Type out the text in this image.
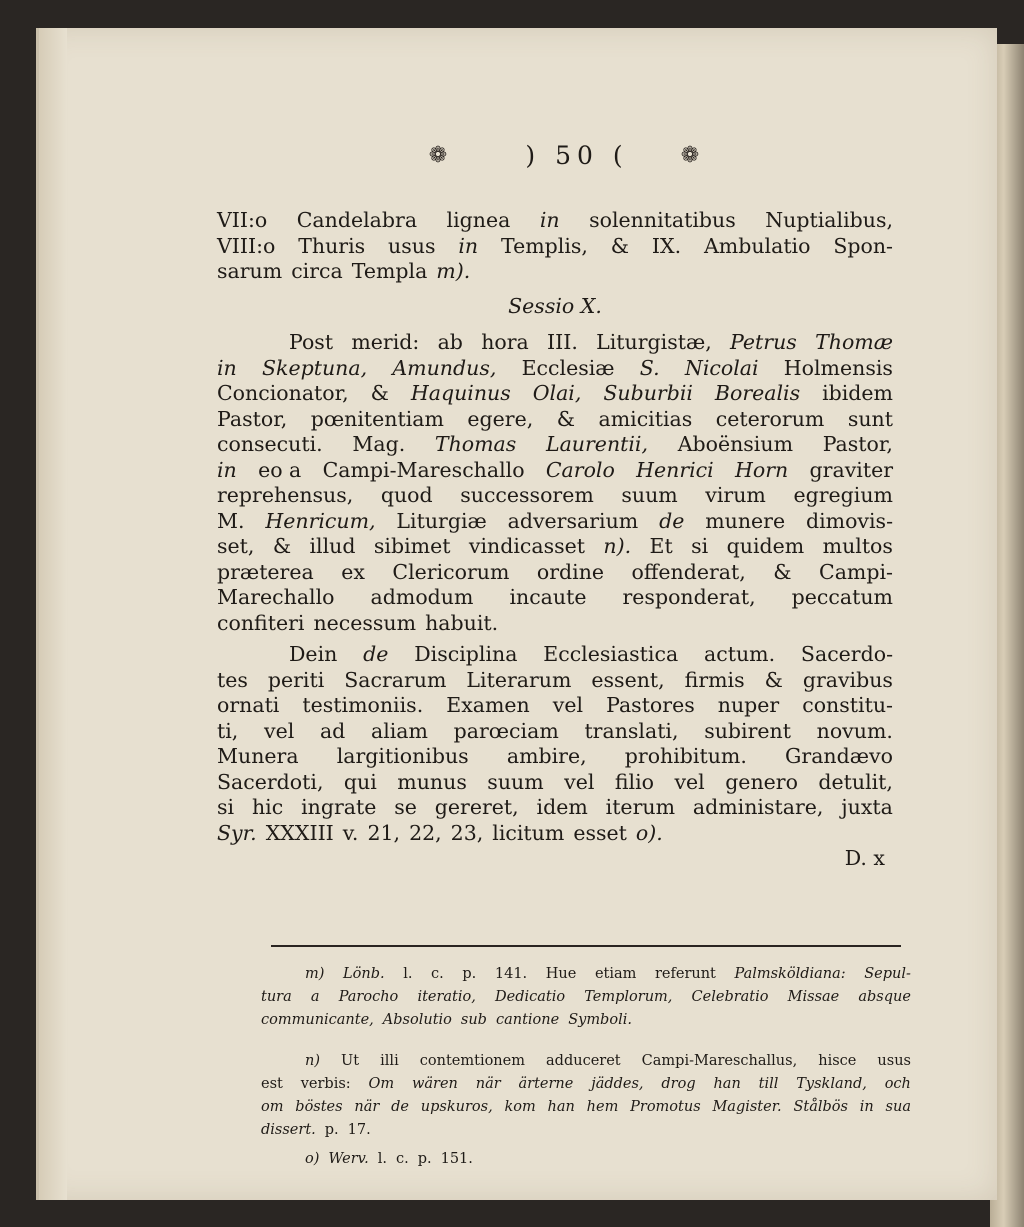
❁	) 50 (	❁
VII:o Candelabra lignea in solennitatibus Nuptialibus,
VIII:o Thuris usus in Templis, & IX. Ambulatio Spon-
sarum circa Templa m).
Sessio X.
Post merid: ab hora III. Liturgistæ, Petrus Thomæ
in Skeptuna, Amundus, Ecclesiæ S. Nicolai Holmensis
Concionator, & Haquinus Olai, Suburbii Borealis ibidem
Pastor, pœnitentiam egere, & amicitias ceterorum sunt
consecuti. Mag. Thomas Laurentii, Aboënsium Pastor,
in eo a Campi-Mareschallo Carolo Henrici Horn graviter
reprehensus, quod successorem suum virum egregium
M. Henricum, Liturgiæ adversarium de munere dimovis-
set, & illud sibimet vindicasset n). Et si quidem multos
præterea ex Clericorum ordine offenderat, & Campi-
Marechallo admodum incaute responderat, peccatum
confiteri necessum habuit.
Dein de Disciplina Ecclesiastica actum. Sacerdo-
tes periti Sacrarum Literarum essent, firmis & gravibus
ornati testimoniis. Examen vel Pastores nuper constitu-
ti, vel ad aliam parœciam translati, subirent novum.
Munera largitionibus ambire, prohibitum. Grandævo
Sacerdoti, qui munus suum vel filio vel genero detulit,
si hic ingrate se gereret, idem iterum administare, juxta
Syr. XXXIII v. 21, 22, 23, licitum esset o).
D. x
m) Lönb. l. c. p. 141. Hue etiam referunt Palmsköldiana: Sepul-
tura a Parocho iteratio, Dedicatio Templorum, Celebratio Missae absque
communicante, Absolutio sub cantione Symboli.
n) Ut illi contemtionem adduceret Campi-Mareschallus, hisce usus
est verbis: Om wären när ärterne jäddes, drog han till Tyskland, och
om böstes när de upskuros, kom han hem Promotus Magister. Stålbös in sua
dissert. p. 17.
o) Werv. l. c. p. 151.
